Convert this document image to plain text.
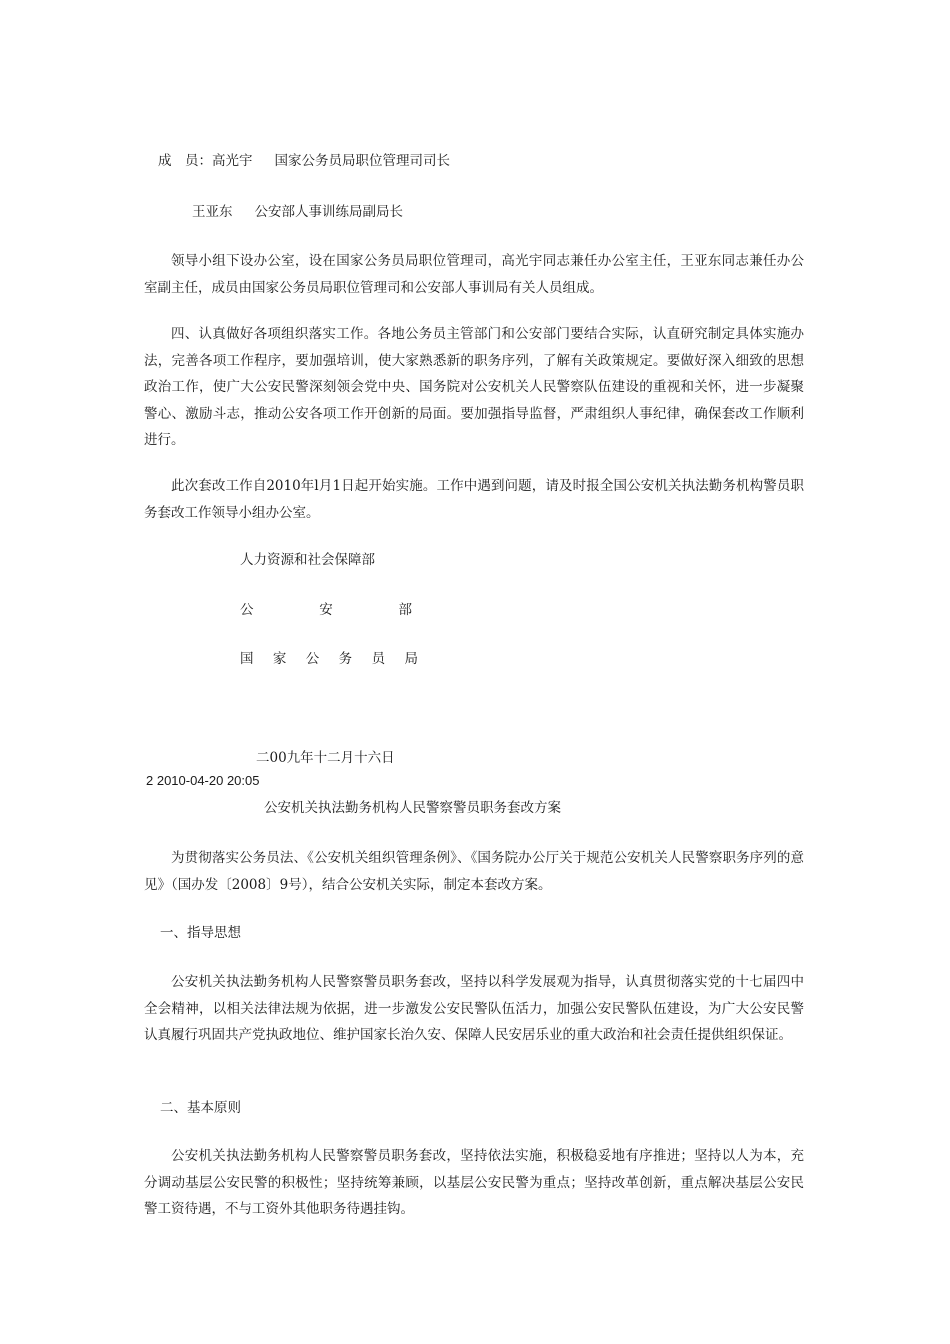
成　员：高光宇 国家公务员局职位管理司司长
王亚东 公安部人事训练局副局长
领导小组下设办公室，设在国家公务员局职位管理司，高光宇同志兼任办公室主任，王亚东同志兼任办公室副主任，成员由国家公务员局职位管理司和公安部人事训局有关人员组成。
四、认真做好各项组织落实工作。各地公务员主管部门和公安部门要结合实际，认直研究制定具体实施办法，完善各项工作程序，要加强培训，使大家熟悉新的职务序列，了解有关政策规定。要做好深入细致的思想政治工作，使广大公安民警深刻领会党中央、国务院对公安机关人民警察队伍建设的重视和关怀，进一步凝聚警心、激励斗志，推动公安各项工作开创新的局面。要加强指导监督，严肃组织人事纪律，确保套改工作顺利进行。
此次套改工作自2010年l月1日起开始实施。工作中遇到问题，请及时报全国公安机关执法勤务机构警员职务套改工作领导小组办公室。
人力资源和社会保障部
公	安	部
国 家 公 务 员 局
二00九年十二月十六日
2 2010-04-20 20:05
公安机关执法勤务机构人民警察警员职务套改方案
为贯彻落实公务员法、《公安机关组织管理条例》、《国务院办公厅关于规范公安机关人民警察职务序列的意见》（国办发〔2008〕9号），结合公安机关实际，制定本套改方案。
一、指导思想
公安机关执法勤务机构人民警察警员职务套改，坚持以科学发展观为指导，认真贯彻落实党的十七届四中全会精神，以相关法律法规为依据，进一步激发公安民警队伍活力，加强公安民警队伍建设，为广大公安民警认真履行巩固共产党执政地位、维护国家长治久安、保障人民安居乐业的重大政治和社会责任提供组织保证。
二、基本原则
公安机关执法勤务机构人民警察警员职务套改，坚持依法实施，积极稳妥地有序推进；坚持以人为本，充分调动基层公安民警的积极性；坚持统筹兼顾，以基层公安民警为重点；坚持改革创新，重点解决基层公安民警工资待遇，不与工资外其他职务待遇挂钩。
